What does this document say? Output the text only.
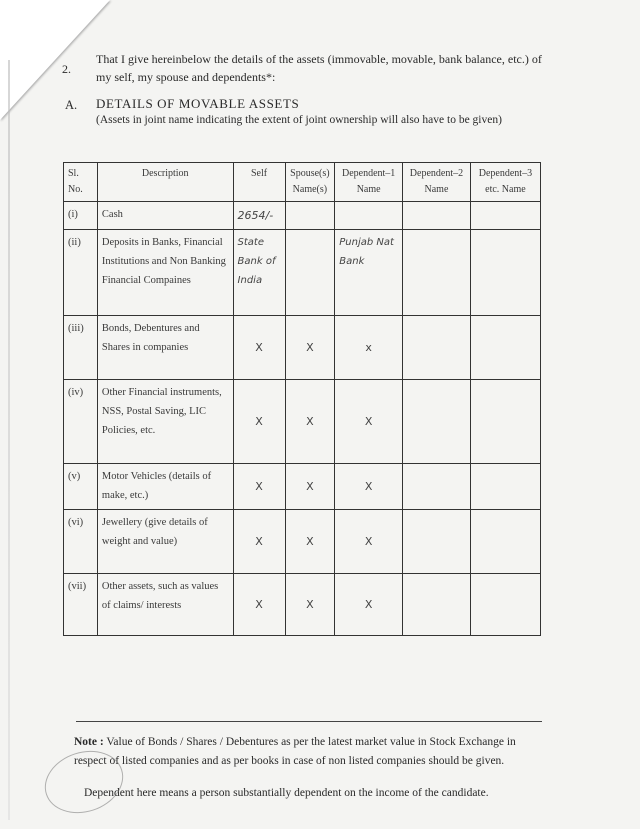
2.
That I give hereinbelow the details of the assets (immovable, movable, bank balance, etc.) of my self, my spouse and dependents*:
A. DETAILS OF MOVABLE ASSETS
(Assets in joint name indicating the extent of joint ownership will also have to be given)
Sl. No.	Description	Self	Spouse(s) Name(s)	Dependent–1 Name	Dependent–2 Name	Dependent–3 etc. Name
(i)	Cash	2654/-				
(ii)	Deposits in Banks, Financial Institutions and Non Banking Financial Compaines	State Bank of India		Punjab Nat Bank		
(iii)	Bonds, Debentures and Shares in companies	X	X	x		
(iv)	Other Financial instruments, NSS, Postal Saving, LIC Policies, etc.	X	X	X		
(v)	Motor Vehicles (details of make, etc.)	X	X	X		
(vi)	Jewellery (give details of weight and value)	X	X	X		
(vii)	Other assets, such as values of claims/ interests	X	X	X		
Note : Value of Bonds / Shares / Debentures as per the latest market value in Stock Exchange in respect of listed companies and as per books in case of non listed companies should be given.
Dependent here means a person substantially dependent on the income of the candidate.
